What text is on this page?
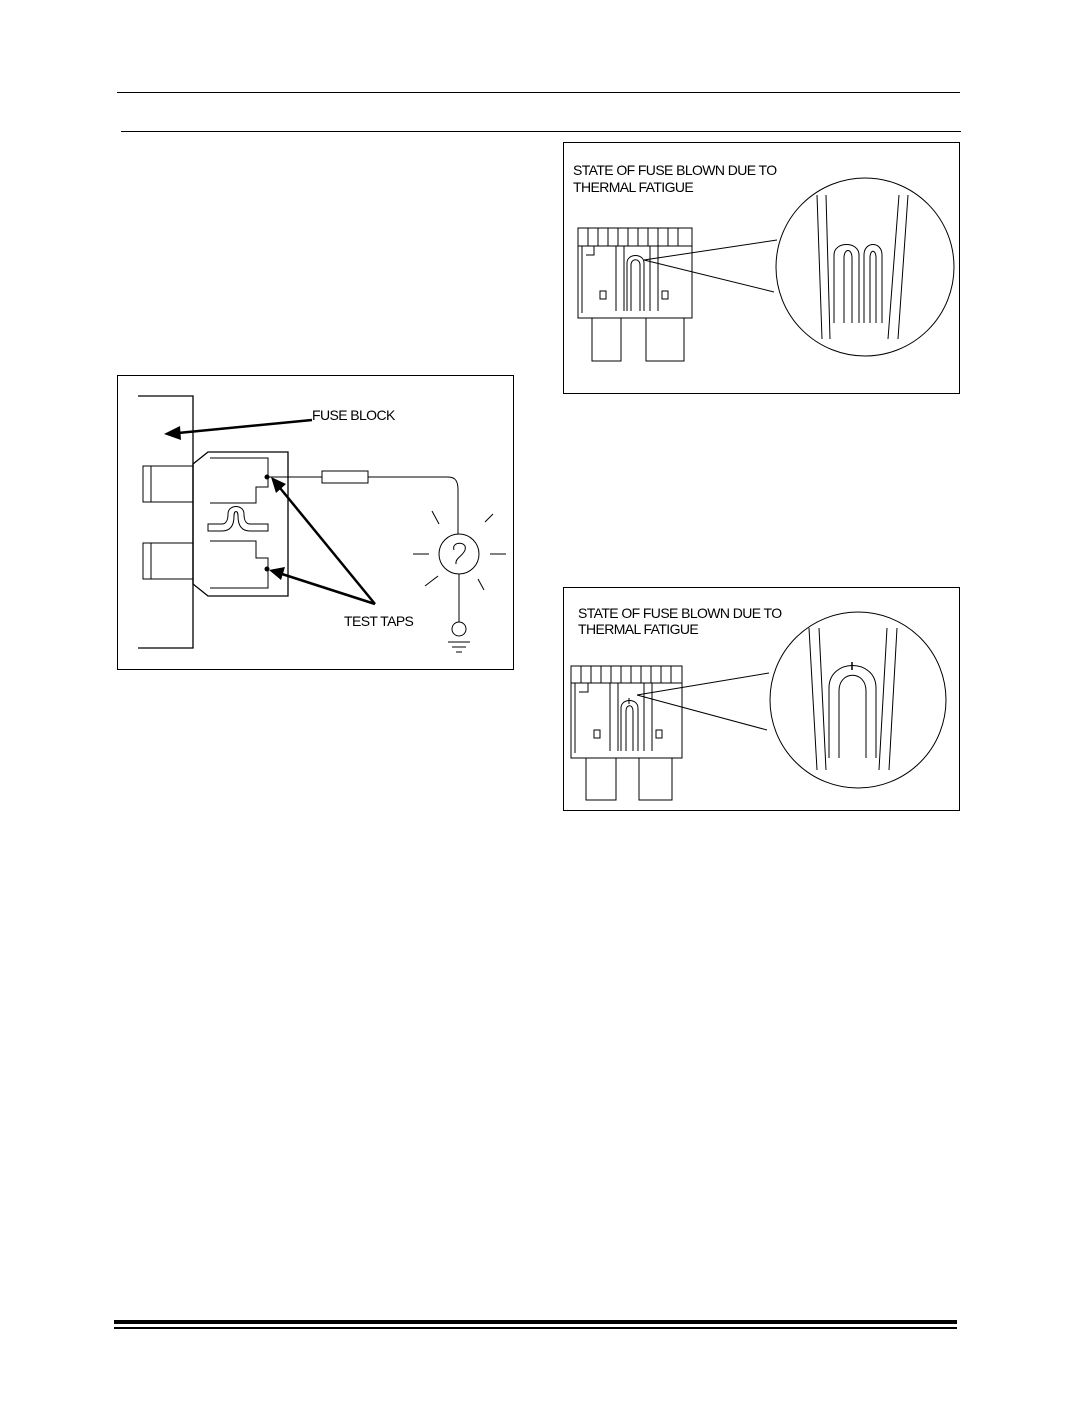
FUSE BLOCK
TEST TAPS
STATE OF FUSE BLOWN DUE TO
THERMAL FATIGUE
STATE OF FUSE BLOWN DUE TO
THERMAL FATIGUE
